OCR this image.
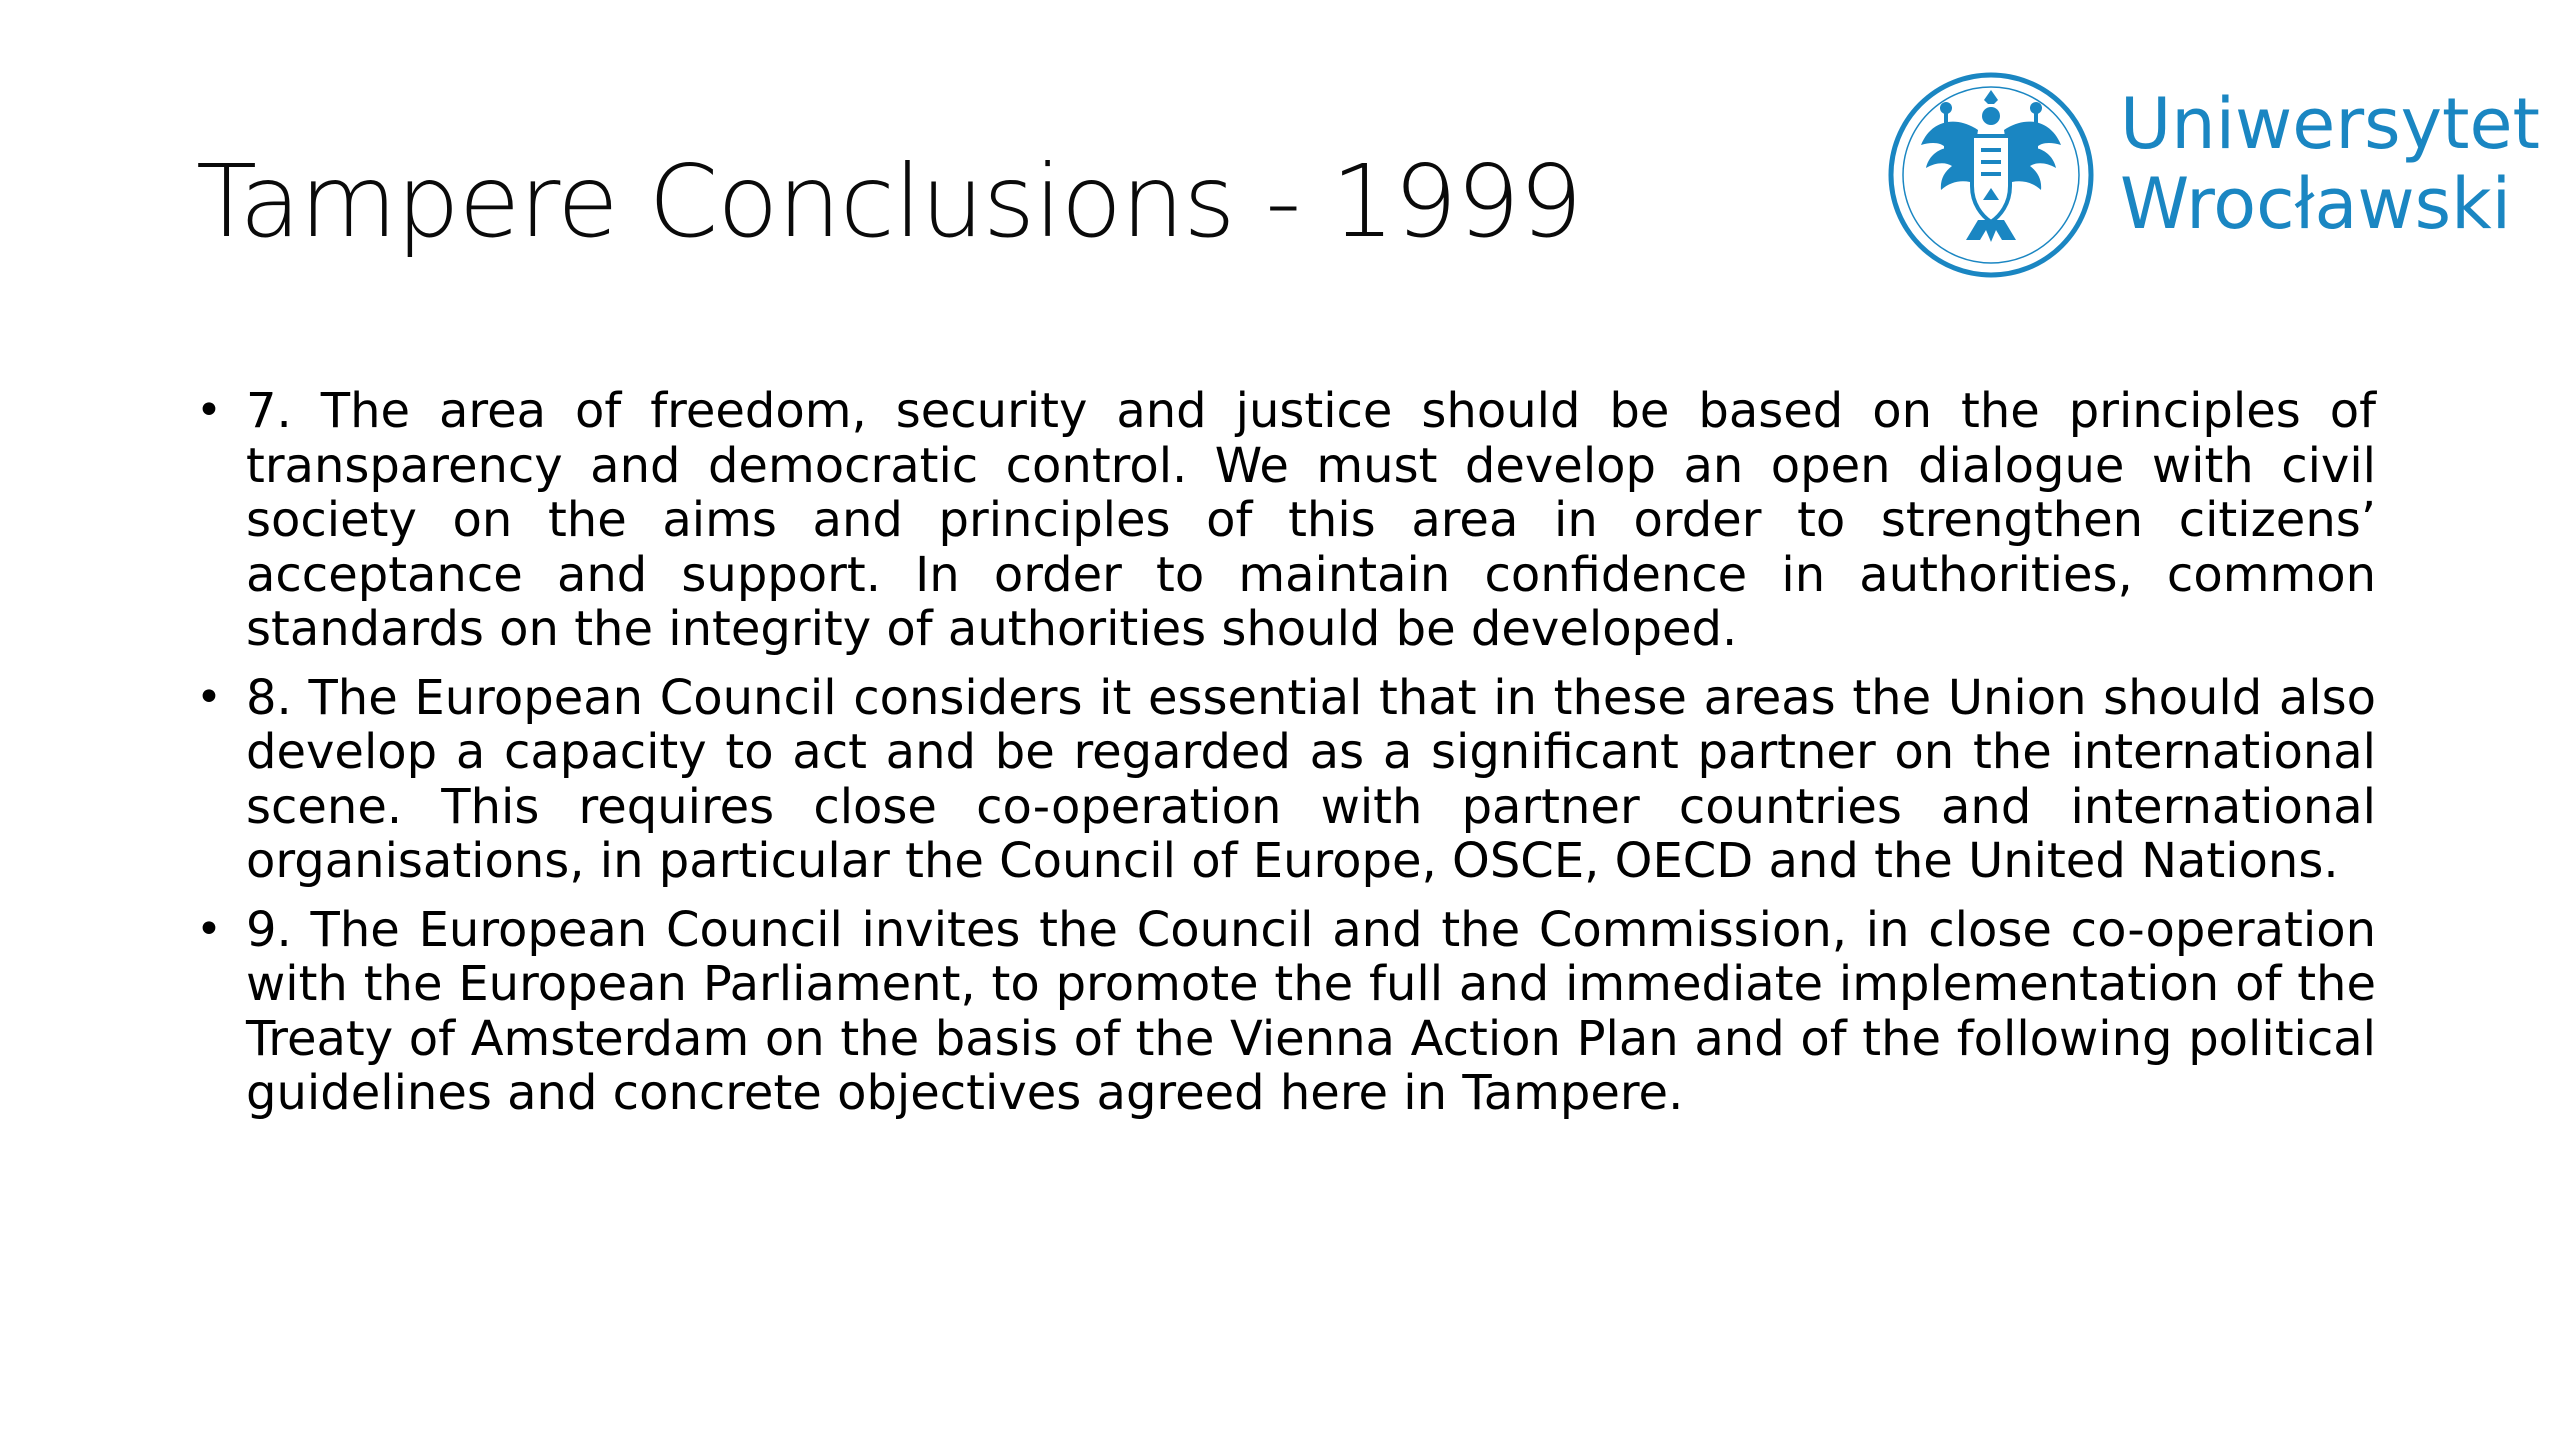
Tampere Conclusions - 1999
Uniwersytet
Wrocławski
• 7. The area of freedom, security and justice should be based on the principles of transparency and democratic control. We must develop an open dialogue with civil society on the aims and principles of this area in order to strengthen citizens’ acceptance and support. In order to maintain confidence in authorities, common standards on the integrity of authorities should be developed.
• 8. The European Council considers it essential that in these areas the Union should also develop a capacity to act and be regarded as a significant partner on the international scene. This requires close co-operation with partner countries and international organisations, in particular the Council of Europe, OSCE, OECD and the United Nations.
• 9. The European Council invites the Council and the Commission, in close co-operation with the European Parliament, to promote the full and immediate implementation of the Treaty of Amsterdam on the basis of the Vienna Action Plan and of the following political guidelines and concrete objectives agreed here in Tampere.
